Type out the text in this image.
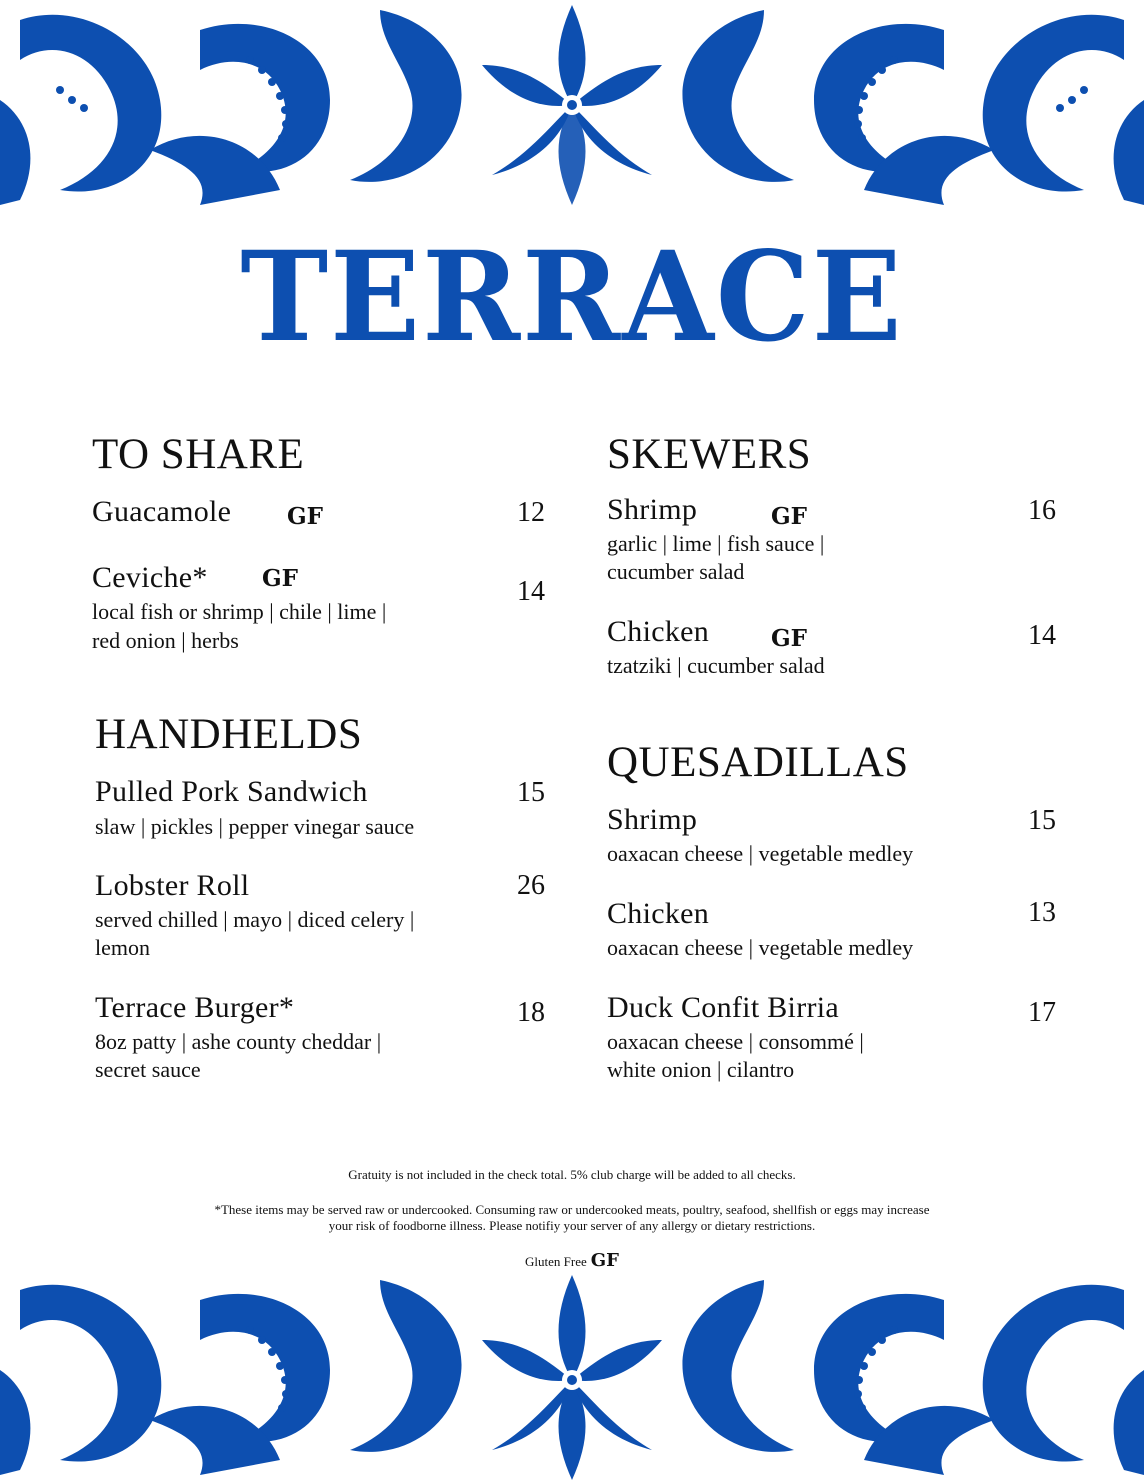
TERRACE
TO SHARE
Guacamole GF	12
Ceviche* GF	14
local fish or shrimp | chile | lime |
red onion | herbs
HANDHELDS
Pulled Pork Sandwich	15
slaw | pickles | pepper vinegar sauce
Lobster Roll	26
served chilled | mayo | diced celery |
lemon
Terrace Burger*	18
8oz patty | ashe county cheddar |
secret sauce
SKEWERS
Shrimp	GF	16
garlic | lime | fish sauce |
cucumber salad
Chicken	GF	14
tzatziki | cucumber salad
QUESADILLAS
Shrimp	15
oaxacan cheese | vegetable medley
Chicken	13
oaxacan cheese | vegetable medley
Duck Confit Birria	17
oaxacan cheese | consommé |
white onion | cilantro
Gratuity is not included in the check total. 5% club charge will be added to all checks.
*These items may be served raw or undercooked. Consuming raw or undercooked meats, poultry, seafood, shellfish or eggs may increase
your risk of foodborne illness. Please notifiy your server of any allergy or dietary restrictions.
Gluten Free GF
